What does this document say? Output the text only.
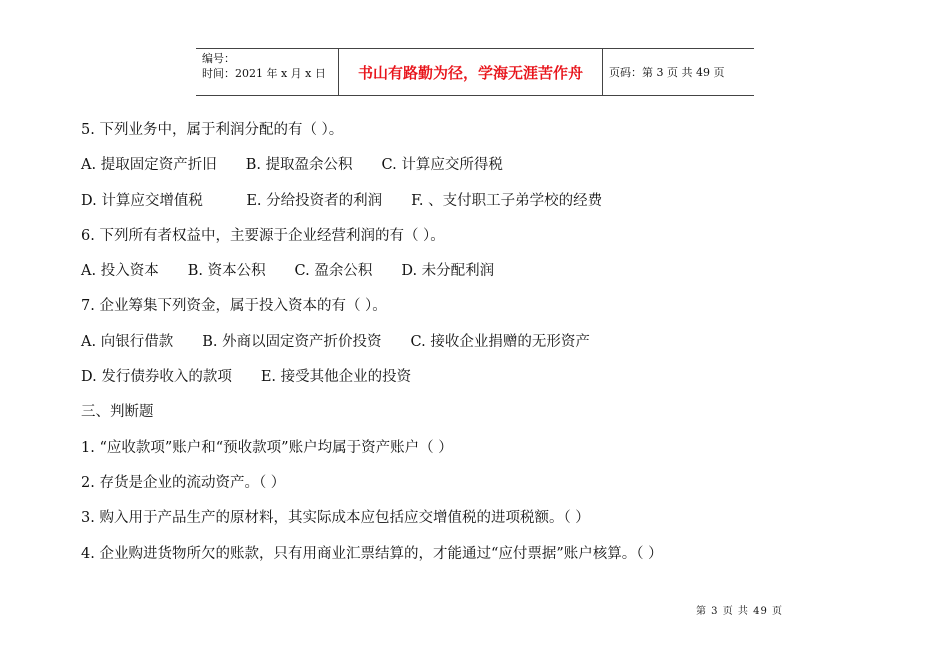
编号：
时间：2021 年 x 月 x 日	书山有路勤为径，学海无涯苦作舟	页码：第 3 页 共 49 页
5. 下列业务中，属于利润分配的有（ ）。
A. 提取固定资产折旧　　B. 提取盈余公积　　C. 计算应交所得税
D. 计算应交增值税　　　E. 分给投资者的利润　　F. 、支付职工子弟学校的经费
6. 下列所有者权益中，主要源于企业经营利润的有（ ）。
A. 投入资本　　B. 资本公积　　C. 盈余公积　　D. 未分配利润
7. 企业筹集下列资金，属于投入资本的有（ ）。
A. 向银行借款　　B. 外商以固定资产折价投资　　C. 接收企业捐赠的无形资产
D. 发行债券收入的款项　　E. 接受其他企业的投资
三、判断题
1. “应收款项”账户和“预收款项”账户均属于资产账户（ ）
2. 存货是企业的流动资产。（ ）
3. 购入用于产品生产的原材料，其实际成本应包括应交增值税的进项税额。（ ）
4. 企业购进货物所欠的账款，只有用商业汇票结算的，才能通过“应付票据”账户核算。（ ）
第 3 页 共 49 页
